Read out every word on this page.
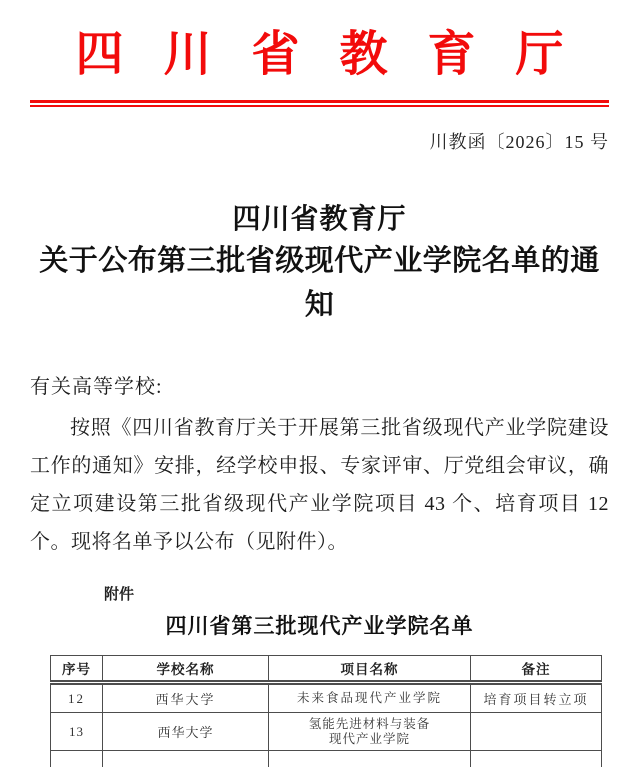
四川省教育厅
川教函〔2026〕15 号
四川省教育厅
关于公布第三批省级现代产业学院名单的通知
有关高等学校:

按照《四川省教育厅关于开展第三批省级现代产业学院建设工作的通知》安排，经学校申报、专家评审、厅党组会审议，确定立项建设第三批省级现代产业学院项目 43 个、培育项目 12 个。现将名单予以公布（见附件）。

附件
四川省第三批现代产业学院名单
序号	学校名称	项目名称	备注
12	西华大学	未来食品现代产业学院	培育项目转立项
13	西华大学	氢能先进材料与装备
现代产业学院	
